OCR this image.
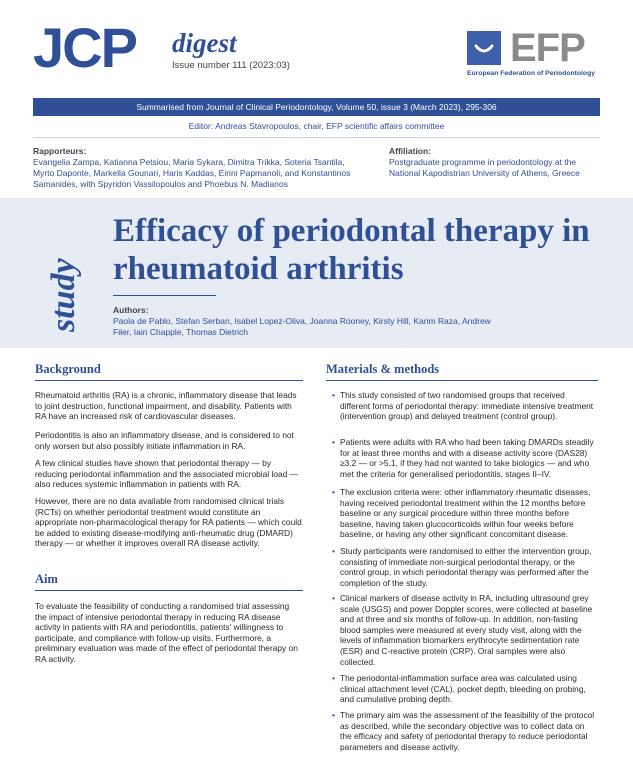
JCP digest
Issue number 111 (2023:03)	EFP
European Federation of Periodontology
Summarised from Journal of Clinical Periodontology, Volume 50, issue 3 (March 2023), 295-306
Editor: Andreas Stavropoulos, chair, EFP scientific affairs committee
Rapporteurs:
Evangelia Zampa, Katianna Petsiou, Maria Sykara, Dimitra Trikka, Soteria Tsantila, Myrto Daponte, Markella Gounari, Haris Kaddas, Eirini Papmanoli, and Konstantinos Samanides, with Spyridon Vassilopoulos and Phoebus N. Madianos
Affiliation:
Postgraduate programme in periodontology at the National Kapodistrian University of Athens, Greece
study
Efficacy of periodontal therapy in rheumatoid arthritis
Authors:
Paola de Pablo, Stefan Serban, Isabel Lopez-Oliva, Joanna Rooney, Kirsty Hill, Karim Raza, Andrew Filer, Iain Chapple, Thomas Dietrich
Background
Rheumatoid arthritis (RA) is a chronic, inflammatory disease that leads to joint destruction, functional impairment, and disability. Patients with RA have an increased risk of cardiovascular diseases.
Periodontitis is also an inflammatory disease, and is considered to not only worsen but also possibly initiate inflammation in RA.
A few clinical studies have shown that periodontal therapy — by reducing periodontal inflammation and the associated microbial load — also reduces systemic inflammation in patients with RA.
However, there are no data available from randomised clinical trials (RCTs) on whether periodontal treatment would constitute an appropriate non-pharmacological therapy for RA patients — which could be added to existing disease-modifying anti-rheumatic drug (DMARD) therapy — or whether it improves overall RA disease activity.
Aim
To evaluate the feasibility of conducting a randomised trial assessing the impact of intensive periodontal therapy in reducing RA disease activity in patients with RA and periodontitis, patients' willingness to participate, and compliance with follow-up visits. Furthermore, a preliminary evaluation was made of the effect of periodontal therapy on RA activity.
Materials & methods
• This study consisted of two randomised groups that received different forms of periodontal therapy: immediate intensive treatment (intervention group) and delayed treatment (control group).
• Patients were adults with RA who had been taking DMARDs steadily for at least three months and with a disease activity score (DAS28) ≥3.2 — or >5.1, if they had not wanted to take biologics — and who met the criteria for generalised periodontitis, stages II–IV.
• The exclusion criteria were: other inflammatory rheumatic diseases, having received periodontal treatment within the 12 months before baseline or any surgical procedure within three months before baseline, having taken glucocorticoids within four weeks before baseline, or having any other significant concomitant disease.
• Study participants were randomised to either the intervention group, consisting of immediate non-surgical periodontal therapy, or the control group, in which periodontal therapy was performed after the completion of the study.
• Clinical markers of disease activity in RA, including ultrasound grey scale (USGS) and power Doppler scores, were collected at baseline and at three and six months of follow-up. In addition, non-fasting blood samples were measured at every study visit, along with the levels of inflammation biomarkers erythrocyte sedimentation rate (ESR) and C-reactive protein (CRP). Oral samples were also collected.
• The periodontal-inflammation surface area was calculated using clinical attachment level (CAL), pocket depth, bleeding on probing, and cumulative probing depth.
• The primary aim was the assessment of the feasibility of the protocol as described, while the secondary objective was to collect data on the efficacy and safety of periodontal therapy to reduce periodontal parameters and disease activity.
